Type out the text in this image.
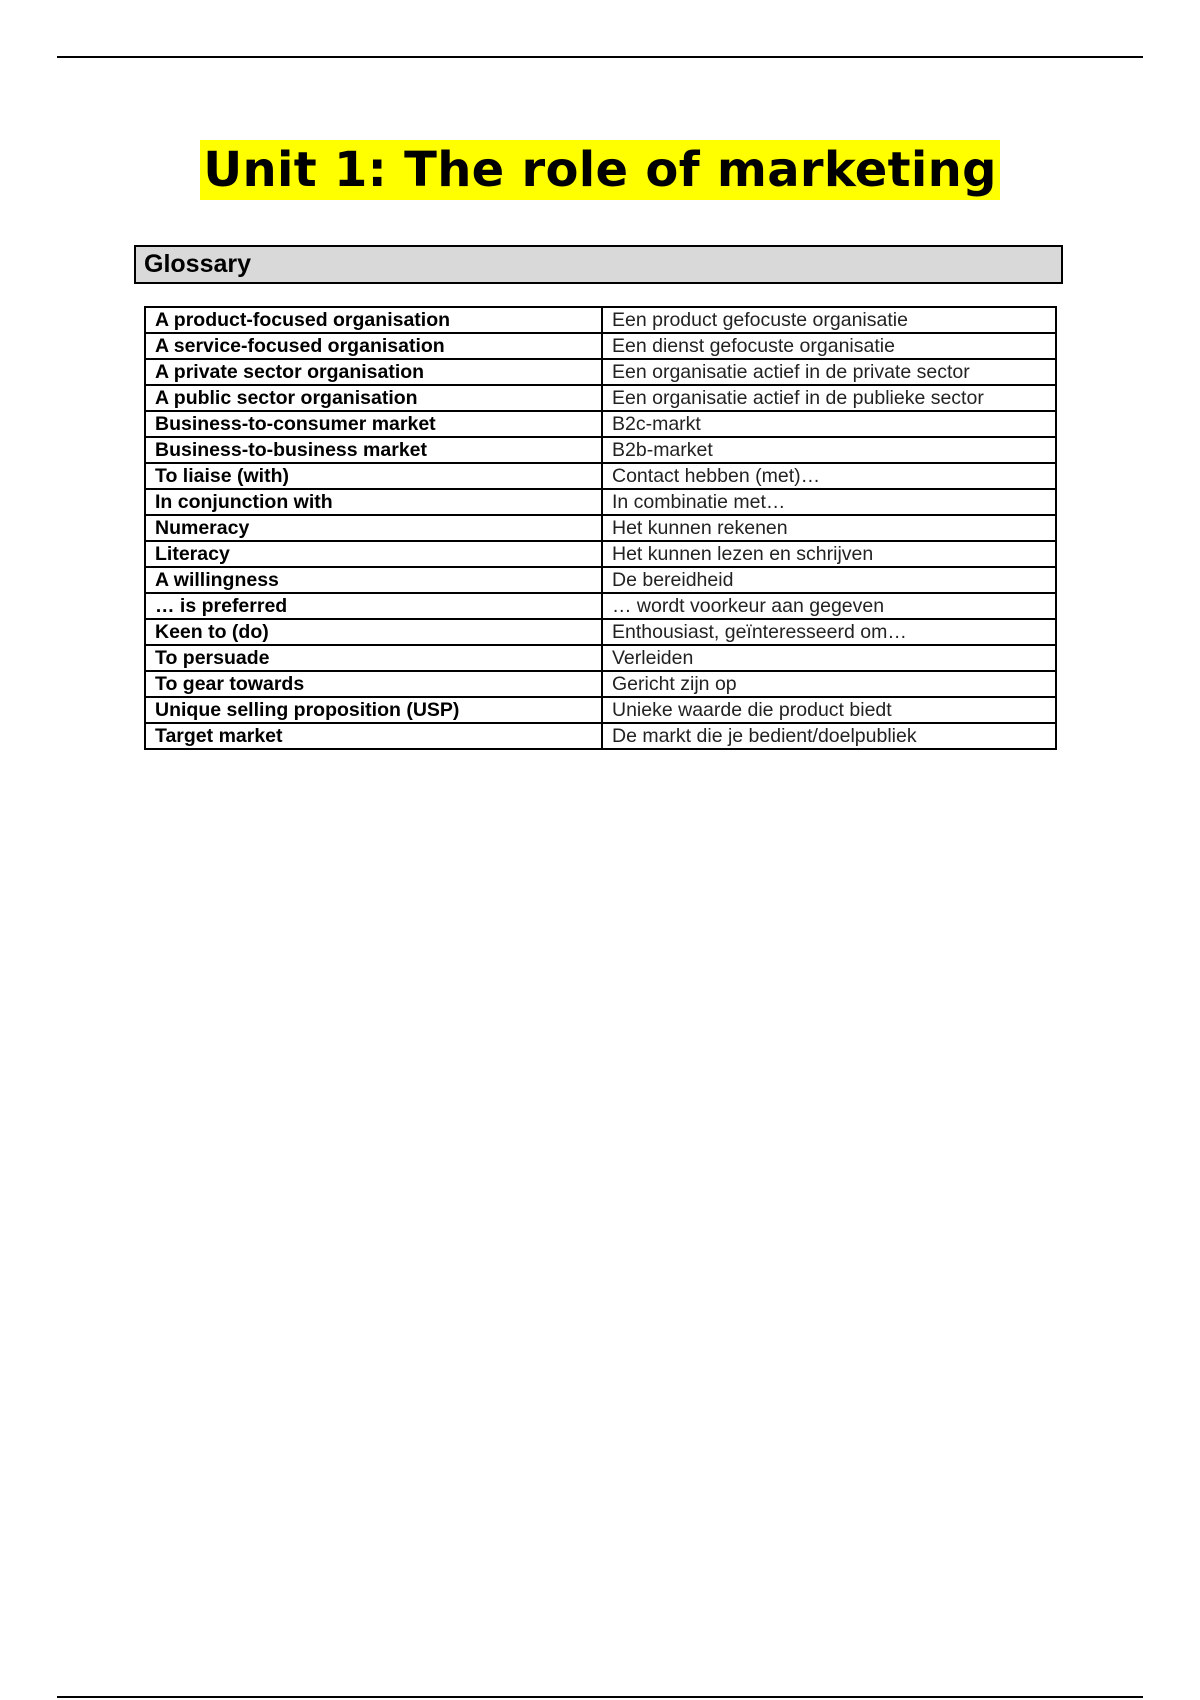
Unit 1: The role of marketing
Glossary
A product-focused organisation	Een product gefocuste organisatie
A service-focused organisation	Een dienst gefocuste organisatie
A private sector organisation	Een organisatie actief in de private sector
A public sector organisation	Een organisatie actief in de publieke sector
Business-to-consumer market	B2c-markt
Business-to-business market	B2b-market
To liaise (with)	Contact hebben (met)…
In conjunction with	In combinatie met…
Numeracy	Het kunnen rekenen
Literacy	Het kunnen lezen en schrijven
A willingness	De bereidheid
… is preferred	… wordt voorkeur aan gegeven
Keen to (do)	Enthousiast, geïnteresseerd om…
To persuade	Verleiden
To gear towards	Gericht zijn op
Unique selling proposition (USP)	Unieke waarde die product biedt
Target market	De markt die je bedient/doelpubliek
